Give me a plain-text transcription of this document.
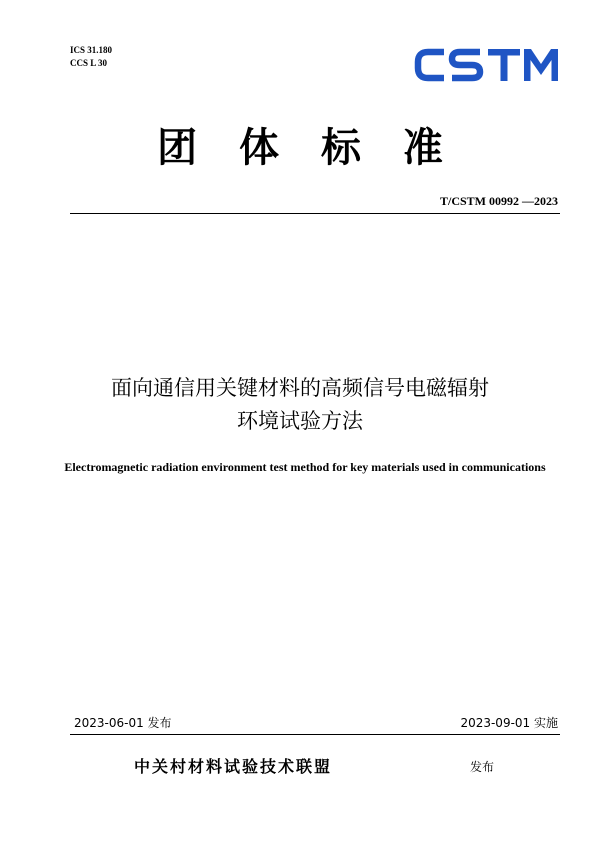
ICS 31.180
CCS L 30
团 体 标 准
T/CSTM 00992 —2023
面向通信用关键材料的高频信号电磁辐射
环境试验方法
Electromagnetic radiation environment test method for key materials used in communications
2023-06-01 发布	2023-09-01 实施
中关村材料试验技术联盟	发布
